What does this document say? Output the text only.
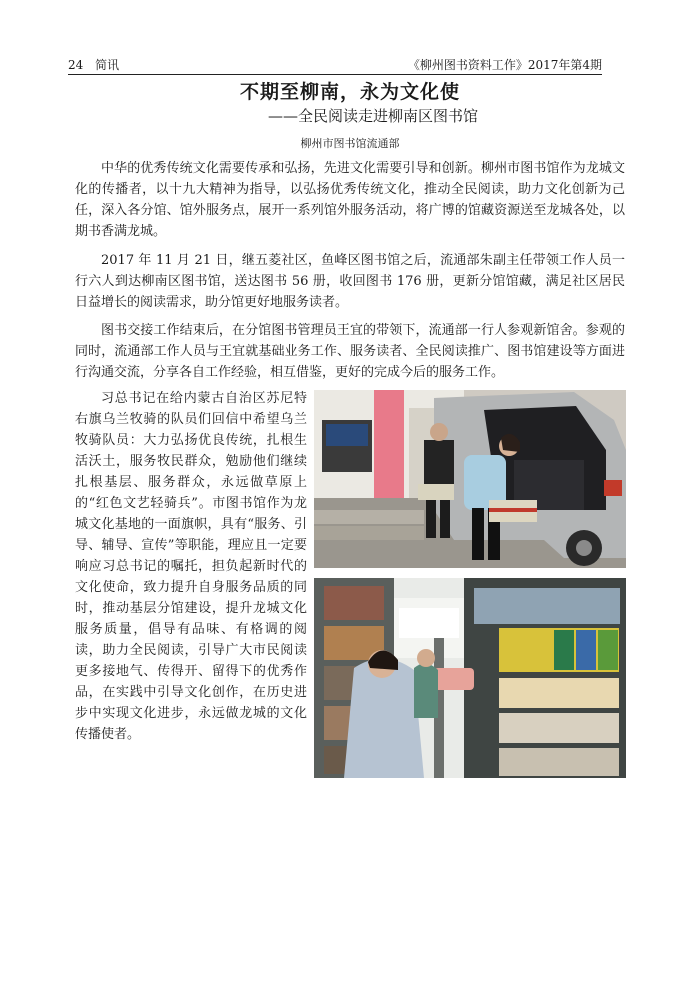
24 简讯	《柳州图书资料工作》2017年第4期
不期至柳南，永为文化使
——全民阅读走进柳南区图书馆
柳州市图书馆流通部

中华的优秀传统文化需要传承和弘扬，先进文化需要引导和创新。柳州市图书馆作为龙城文化的传播者，以十九大精神为指导，以弘扬优秀传统文化，推动全民阅读，助力文化创新为己任，深入各分馆、馆外服务点，展开一系列馆外服务活动，将广博的馆藏资源送至龙城各处，以期书香满龙城。

2017 年 11 月 21 日，继五菱社区，鱼峰区图书馆之后，流通部朱副主任带领工作人员一行六人到达柳南区图书馆，送达图书 56 册，收回图书 176 册，更新分馆馆藏，满足社区居民日益增长的阅读需求，助分馆更好地服务读者。

图书交接工作结束后，在分馆图书管理员王宜的带领下，流通部一行人参观新馆舍。参观的同时，流通部工作人员与王宜就基础业务工作、服务读者、全民阅读推广、图书馆建设等方面进行沟通交流，分享各自工作经验，相互借鉴，更好的完成今后的服务工作。

习总书记在给内蒙古自治区苏尼特右旗乌兰牧骑的队员们回信中希望乌兰牧骑队员：大力弘扬优良传统，扎根生活沃土，服务牧民群众，勉励他们继续扎根基层、服务群众，永远做草原上的“红色文艺轻骑兵”。市图书馆作为龙城文化基地的一面旗帜，具有“服务、引导、辅导、宣传”等职能，理应且一定要响应习总书记的嘱托，担负起新时代的文化使命，致力提升自身服务品质的同时，推动基层分馆建设，提升龙城文化服务质量，倡导有品味、有格调的阅读，助力全民阅读，引导广大市民阅读更多接地气、传得开、留得下的优秀作品，在实践中引导文化创作，在历史进步中实现文化进步，永远做龙城的文化传播使者。
